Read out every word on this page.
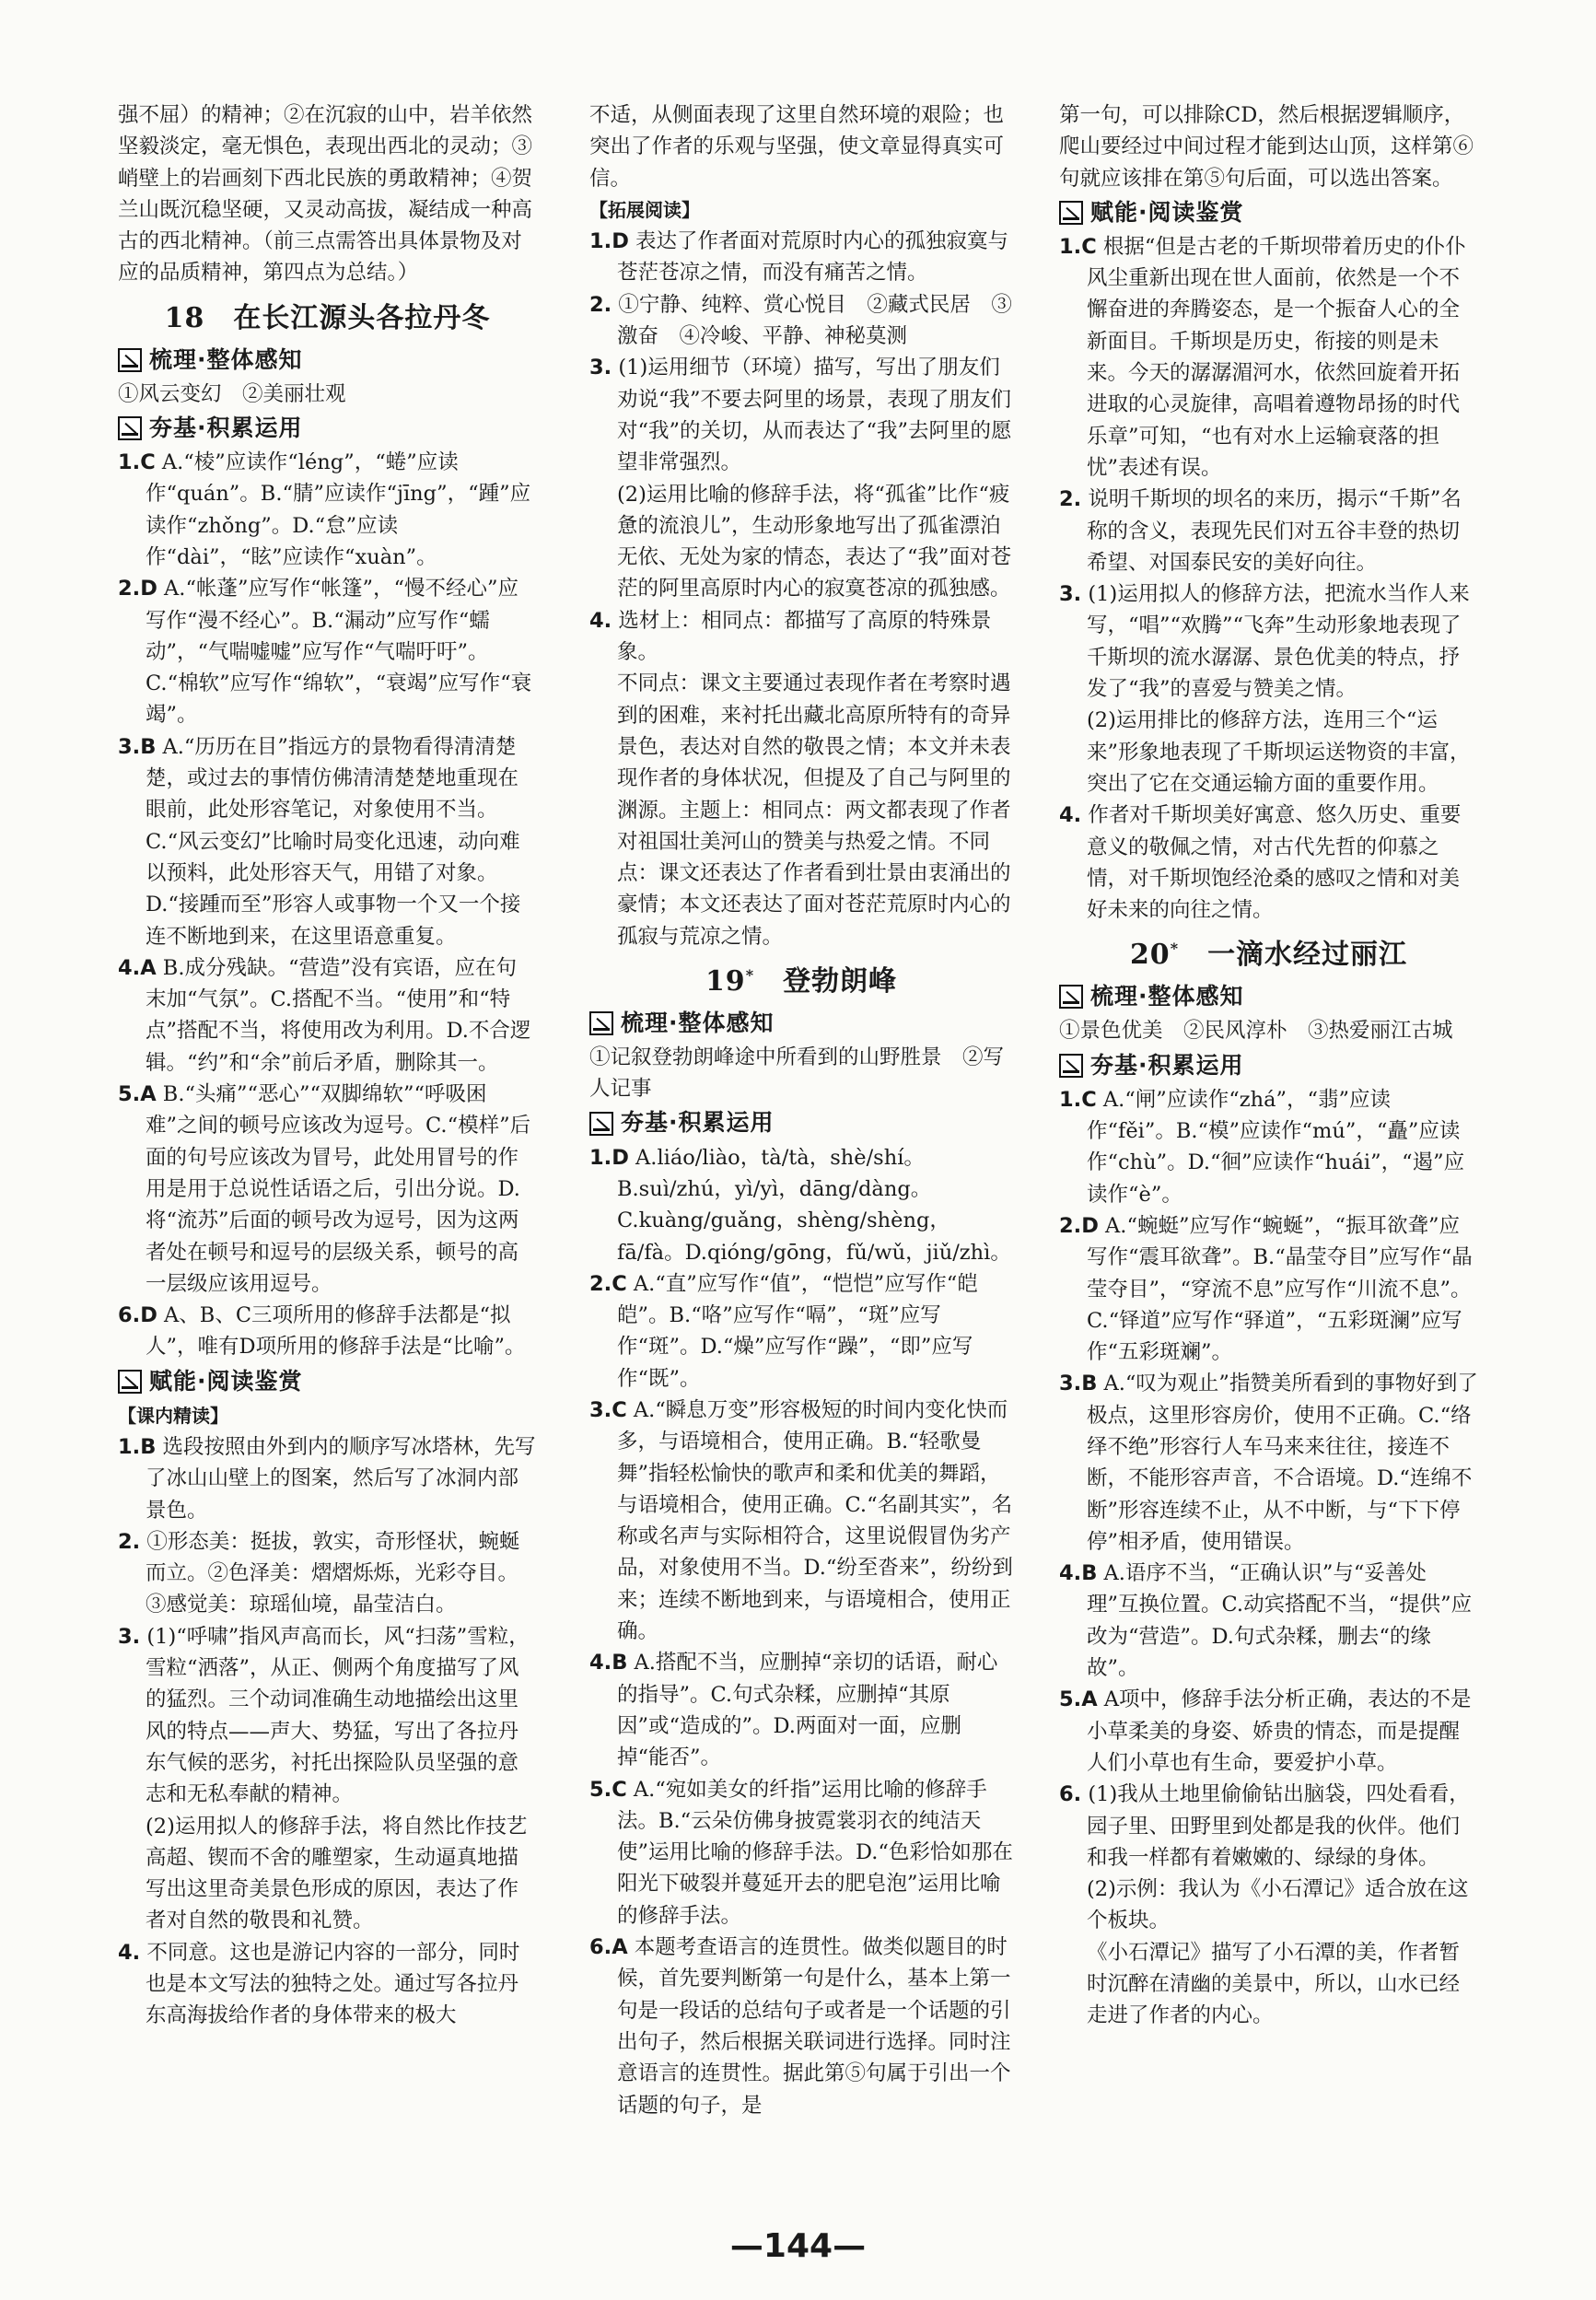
强不屈）的精神；②在沉寂的山中，岩羊依然坚毅淡定，毫无惧色，表现出西北的灵动；③峭壁上的岩画刻下西北民族的勇敢精神；④贺兰山既沉稳坚硬，又灵动高拔，凝结成一种高古的西北精神。（前三点需答出具体景物及对应的品质精神，第四点为总结。）
18  在长江源头各拉丹冬
梳理·整体感知
①风云变幻　②美丽壮观
夯基·积累运用
1.C A.“棱”应读作“léng”，“蜷”应读作“quán”。B.“腈”应读作“jīng”，“踵”应读作“zhǒng”。D.“怠”应读作“dài”，“眩”应读作“xuàn”。
2.D A.“帐蓬”应写作“帐篷”，“慢不经心”应写作“漫不经心”。B.“漏动”应写作“蠕动”，“气喘嘘嘘”应写作“气喘吁吁”。C.“棉软”应写作“绵软”，“衰竭”应写作“衰竭”。
3.B A.“历历在目”指远方的景物看得清清楚楚，或过去的事情仿佛清清楚楚地重现在眼前，此处形容笔记，对象使用不当。C.“风云变幻”比喻时局变化迅速，动向难以预料，此处形容天气，用错了对象。D.“接踵而至”形容人或事物一个又一个接连不断地到来，在这里语意重复。
4.A B.成分残缺。“营造”没有宾语，应在句末加“气氛”。C.搭配不当。“使用”和“特点”搭配不当，将使用改为利用。D.不合逻辑。“约”和“余”前后矛盾，删除其一。
5.A B.“头痛”“恶心”“双脚绵软”“呼吸困难”之间的顿号应该改为逗号。C.“模样”后面的句号应该改为冒号，此处用冒号的作用是用于总说性话语之后，引出分说。D.将“流苏”后面的顿号改为逗号，因为这两者处在顿号和逗号的层级关系，顿号的高一层级应该用逗号。
6.D A、B、C三项所用的修辞手法都是“拟人”，唯有D项所用的修辞手法是“比喻”。
赋能·阅读鉴赏
【课内精读】
1.B 选段按照由外到内的顺序写冰塔林，先写了冰山山壁上的图案，然后写了冰洞内部景色。
2. ①形态美：挺拔，敦实，奇形怪状，蜿蜒而立。②色泽美：熠熠烁烁，光彩夺目。③感觉美：琼瑶仙境，晶莹洁白。
3. (1)“呼啸”指风声高而长，风“扫荡”雪粒，雪粒“洒落”，从正、侧两个角度描写了风的猛烈。三个动词准确生动地描绘出这里风的特点——声大、势猛，写出了各拉丹东气候的恶劣，衬托出探险队员坚强的意志和无私奉献的精神。
(2)运用拟人的修辞手法，将自然比作技艺高超、锲而不舍的雕塑家，生动逼真地描写出这里奇美景色形成的原因，表达了作者对自然的敬畏和礼赞。
4. 不同意。这也是游记内容的一部分，同时也是本文写法的独特之处。通过写各拉丹东高海拔给作者的身体带来的极大
不适，从侧面表现了这里自然环境的艰险；也突出了作者的乐观与坚强，使文章显得真实可信。
【拓展阅读】
1.D 表达了作者面对荒原时内心的孤独寂寞与苍茫苍凉之情，而没有痛苦之情。
2. ①宁静、纯粹、赏心悦目　②藏式民居　③激奋　④冷峻、平静、神秘莫测
3. (1)运用细节（环境）描写，写出了朋友们劝说“我”不要去阿里的场景，表现了朋友们对“我”的关切，从而表达了“我”去阿里的愿望非常强烈。
(2)运用比喻的修辞手法，将“孤雀”比作“疲惫的流浪儿”，生动形象地写出了孤雀漂泊无依、无处为家的情态，表达了“我”面对苍茫的阿里高原时内心的寂寞苍凉的孤独感。
4. 选材上：相同点：都描写了高原的特殊景象。
不同点：课文主要通过表现作者在考察时遇到的困难，来衬托出藏北高原所特有的奇异景色，表达对自然的敬畏之情；本文并未表现作者的身体状况，但提及了自己与阿里的渊源。主题上：相同点：两文都表现了作者对祖国壮美河山的赞美与热爱之情。不同点：课文还表达了作者看到壮景由衷涌出的豪情；本文还表达了面对苍茫荒原时内心的孤寂与荒凉之情。
19*  登勃朗峰
梳理·整体感知
①记叙登勃朗峰途中所看到的山野胜景　②写人记事
夯基·积累运用
1.D A.liáo/liào，tà/tà，shè/shí。B.suì/zhú，yì/yì，dāng/dàng。C.kuàng/guǎng，shèng/shèng，fā/fà。D.qióng/gōng，fǔ/wǔ，jiǔ/zhì。
2.C A.“直”应写作“值”，“恺恺”应写作“皑皑”。B.“咯”应写作“嗝”，“斑”应写作“斑”。D.“燥”应写作“躁”，“即”应写作“既”。
3.C A.“瞬息万变”形容极短的时间内变化快而多，与语境相合，使用正确。B.“轻歌曼舞”指轻松愉快的歌声和柔和优美的舞蹈，与语境相合，使用正确。C.“名副其实”，名称或名声与实际相符合，这里说假冒伪劣产品，对象使用不当。D.“纷至沓来”，纷纷到来；连续不断地到来，与语境相合，使用正确。
4.B A.搭配不当，应删掉“亲切的话语，耐心的指导”。C.句式杂糅，应删掉“其原因”或“造成的”。D.两面对一面，应删掉“能否”。
5.C A.“宛如美女的纤指”运用比喻的修辞手法。B.“云朵仿佛身披霓裳羽衣的纯洁天使”运用比喻的修辞手法。D.“色彩恰如那在阳光下破裂并蔓延开去的肥皂泡”运用比喻的修辞手法。
6.A 本题考查语言的连贯性。做类似题目的时候，首先要判断第一句是什么，基本上第一句是一段话的总结句子或者是一个话题的引出句子，然后根据关联词进行选择。同时注意语言的连贯性。据此第⑤句属于引出一个话题的句子，是
第一句，可以排除CD，然后根据逻辑顺序，爬山要经过中间过程才能到达山顶，这样第⑥句就应该排在第⑤句后面，可以选出答案。
赋能·阅读鉴赏
1.C 根据“但是古老的千斯坝带着历史的仆仆风尘重新出现在世人面前，依然是一个不懈奋进的奔腾姿态，是一个振奋人心的全新面目。千斯坝是历史，衔接的则是未来。今天的潺潺湄河水，依然回旋着开拓进取的心灵旋律，高唱着遵物昂扬的时代乐章”可知，“也有对水上运输衰落的担忧”表述有误。
2. 说明千斯坝的坝名的来历，揭示“千斯”名称的含义，表现先民们对五谷丰登的热切希望、对国泰民安的美好向往。
3. (1)运用拟人的修辞方法，把流水当作人来写，“唱”“欢腾”“飞奔”生动形象地表现了千斯坝的流水潺潺、景色优美的特点，抒发了“我”的喜爱与赞美之情。
(2)运用排比的修辞方法，连用三个“运来”形象地表现了千斯坝运送物资的丰富，突出了它在交通运输方面的重要作用。
4. 作者对千斯坝美好寓意、悠久历史、重要意义的敬佩之情，对古代先哲的仰慕之情，对千斯坝饱经沧桑的感叹之情和对美好未来的向往之情。
20*  一滴水经过丽江
梳理·整体感知
①景色优美　②民风淳朴　③热爱丽江古城
夯基·积累运用
1.C A.“闸”应读作“zhá”，“翡”应读作“fěi”。B.“模”应读作“mú”，“矗”应读作“chù”。D.“徊”应读作“huái”，“遏”应读作“è”。
2.D A.“蜿蜓”应写作“蜿蜒”，“振耳欲聋”应写作“震耳欲聋”。B.“晶莹夺目”应写作“晶莹夺目”，“穿流不息”应写作“川流不息”。C.“铎道”应写作“驿道”，“五彩斑澜”应写作“五彩斑斓”。
3.B A.“叹为观止”指赞美所看到的事物好到了极点，这里形容房价，使用不正确。C.“络绎不绝”形容行人车马来来往往，接连不断，不能形容声音，不合语境。D.“连绵不断”形容连续不止，从不中断，与“下下停停”相矛盾，使用错误。
4.B A.语序不当，“正确认识”与“妥善处理”互换位置。C.动宾搭配不当，“提供”应改为“营造”。D.句式杂糅，删去“的缘故”。
5.A A项中，修辞手法分析正确，表达的不是小草柔美的身姿、娇贵的情态，而是提醒人们小草也有生命，要爱护小草。
6. (1)我从土地里偷偷钻出脑袋，四处看看，园子里、田野里到处都是我的伙伴。他们和我一样都有着嫩嫩的、绿绿的身体。
(2)示例：我认为《小石潭记》适合放在这个板块。
《小石潭记》描写了小石潭的美，作者暂时沉醉在清幽的美景中，所以，山水已经走进了作者的内心。
—144—
